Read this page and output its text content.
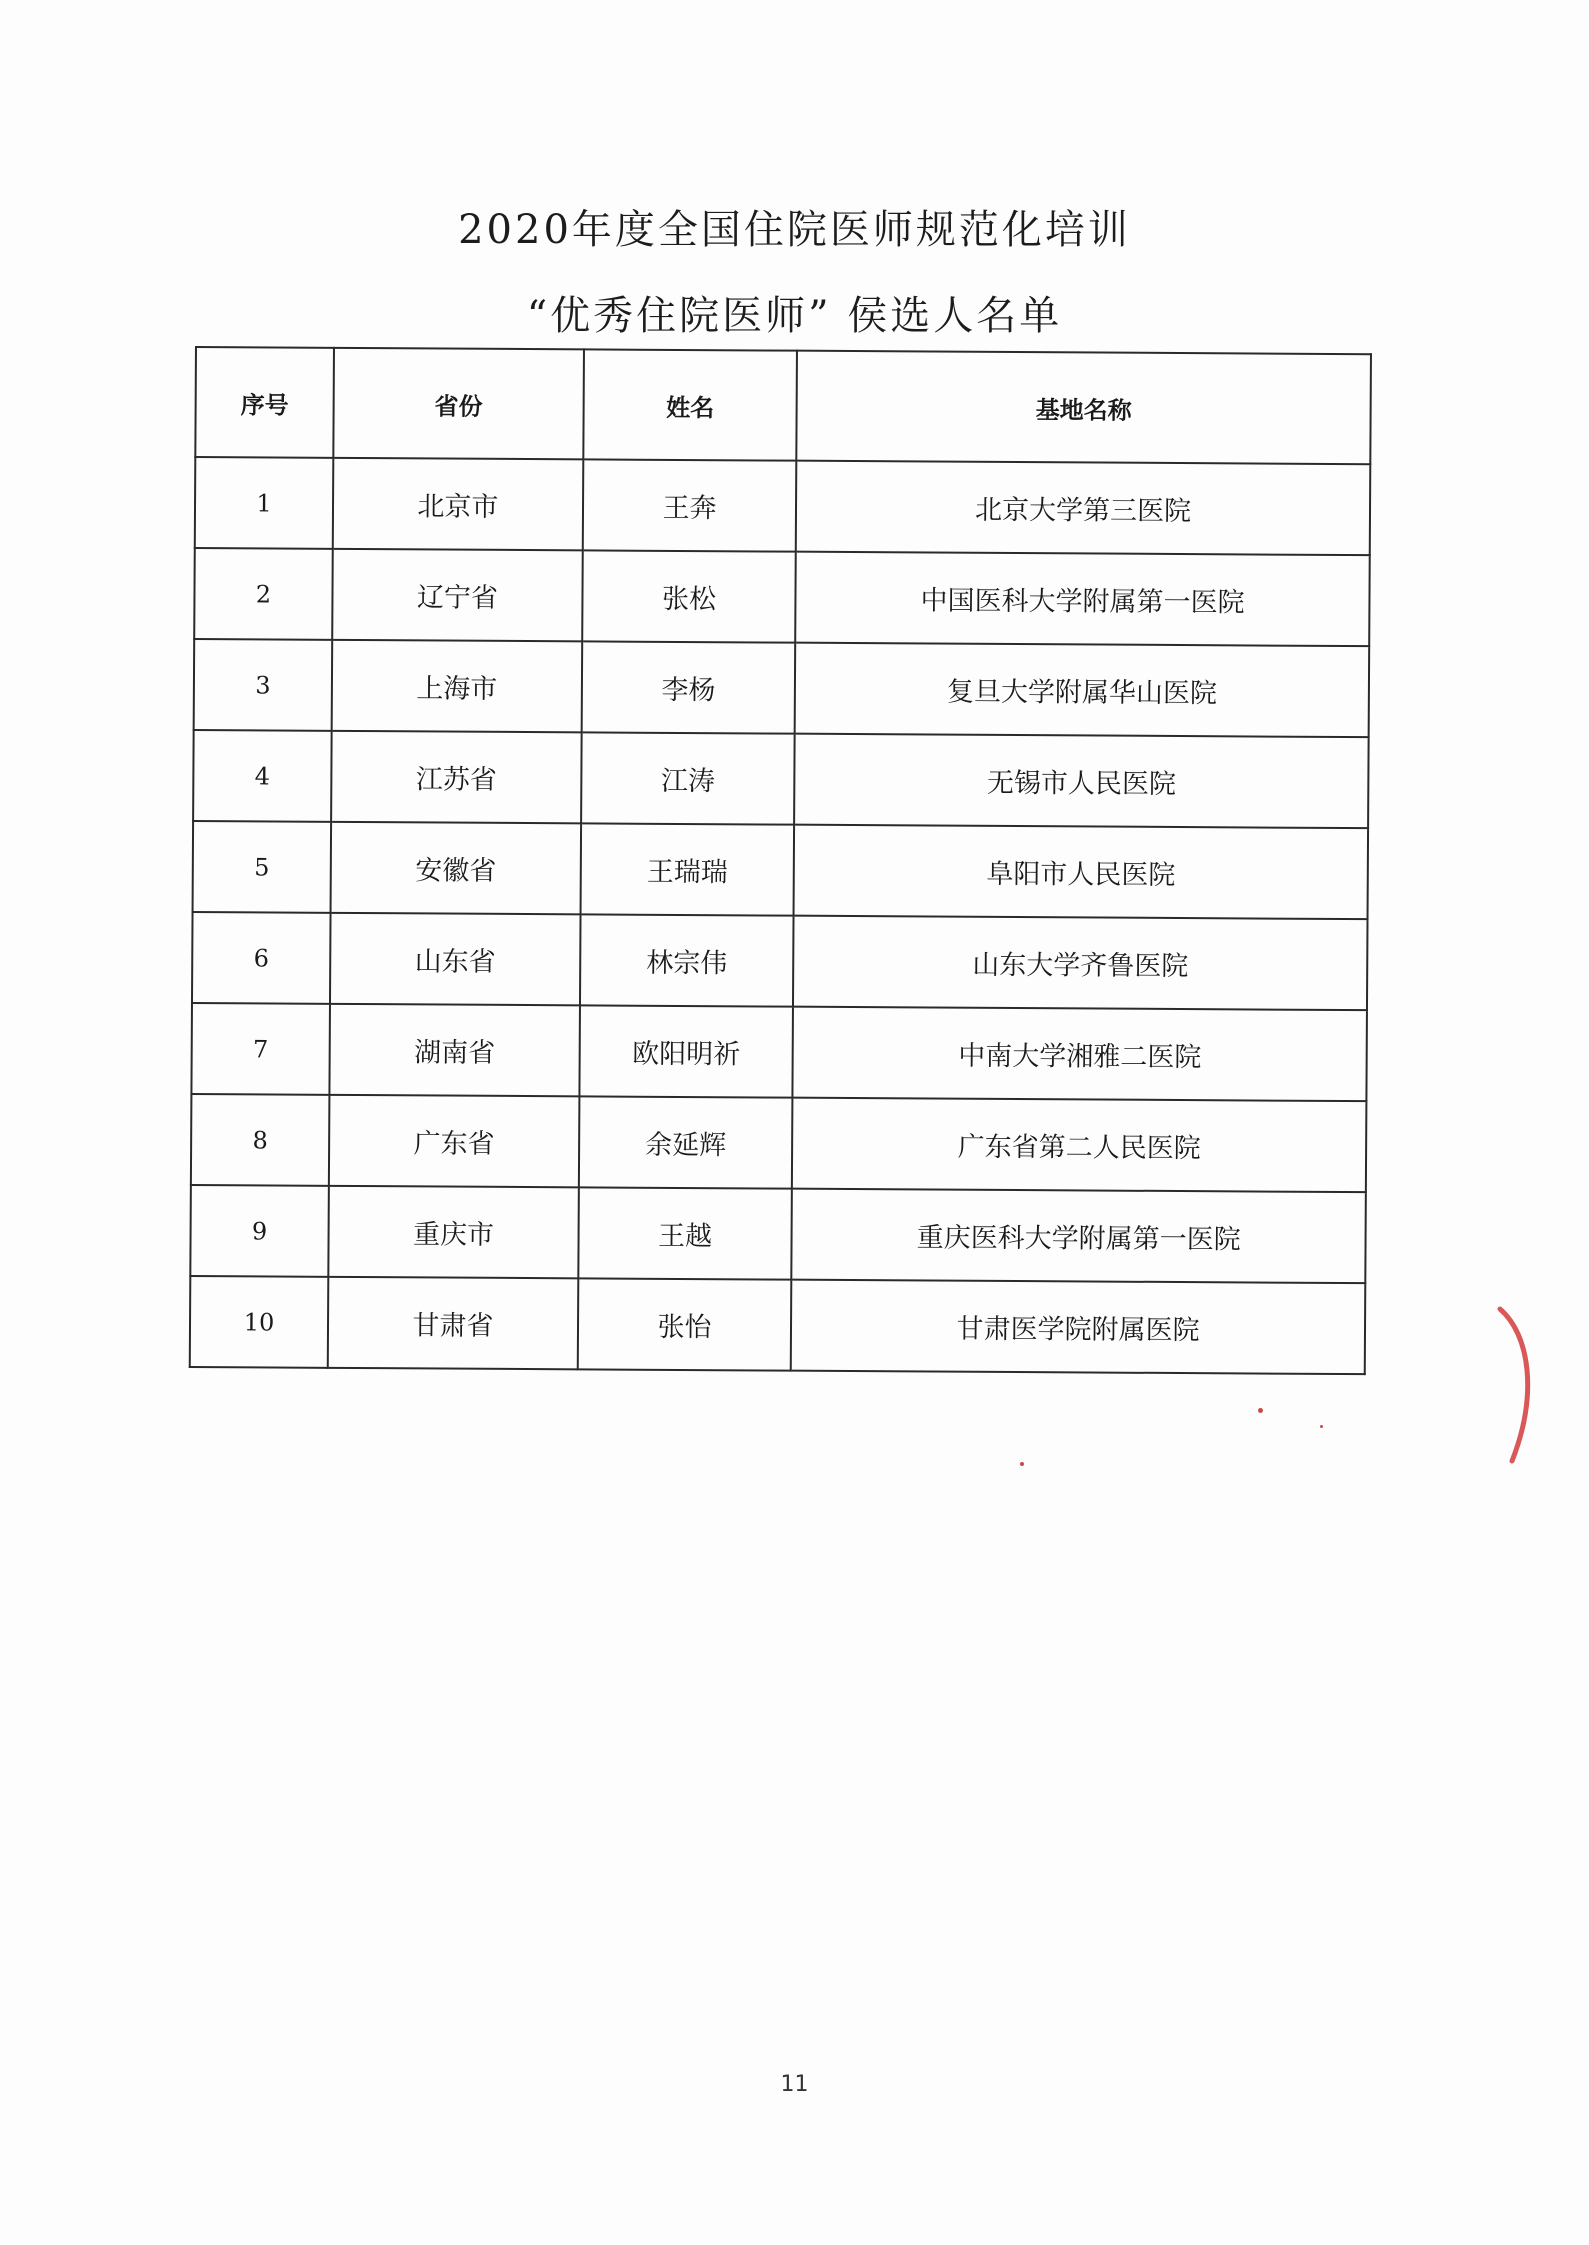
2020年度全国住院医师规范化培训
“优秀住院医师” 侯选人名单
序号	省份	姓名	基地名称
1	北京市	王奔	北京大学第三医院
2	辽宁省	张松	中国医科大学附属第一医院
3	上海市	李杨	复旦大学附属华山医院
4	江苏省	江涛	无锡市人民医院
5	安徽省	王瑞瑞	阜阳市人民医院
6	山东省	林宗伟	山东大学齐鲁医院
7	湖南省	欧阳明祈	中南大学湘雅二医院
8	广东省	余延辉	广东省第二人民医院
9	重庆市	王越	重庆医科大学附属第一医院
10	甘肃省	张怡	甘肃医学院附属医院
11
